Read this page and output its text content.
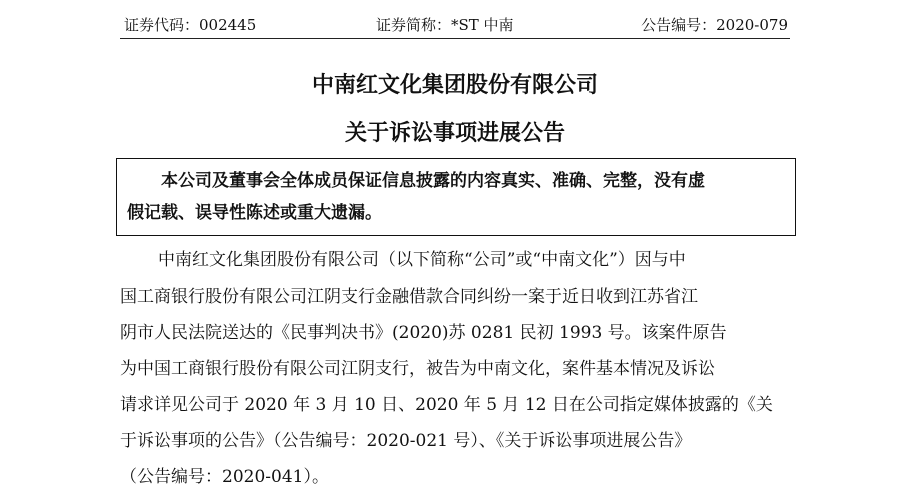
证券代码：002445	证券简称：*ST 中南	公告编号：2020-079
中南红文化集团股份有限公司
关于诉讼事项进展公告
本公司及董事会全体成员保证信息披露的内容真实、准确、完整，没有虚
假记载、误导性陈述或重大遗漏。
中南红文化集团股份有限公司（以下简称“公司”或“中南文化”）因与中
国工商银行股份有限公司江阴支行金融借款合同纠纷一案于近日收到江苏省江
阴市人民法院送达的《民事判决书》(2020)苏 0281 民初 1993 号。该案件原告
为中国工商银行股份有限公司江阴支行，被告为中南文化，案件基本情况及诉讼
请求详见公司于 2020 年 3 月 10 日、2020 年 5 月 12 日在公司指定媒体披露的《关
于诉讼事项的公告》（公告编号：2020-021 号）、《关于诉讼事项进展公告》
（公告编号：2020-041）。
